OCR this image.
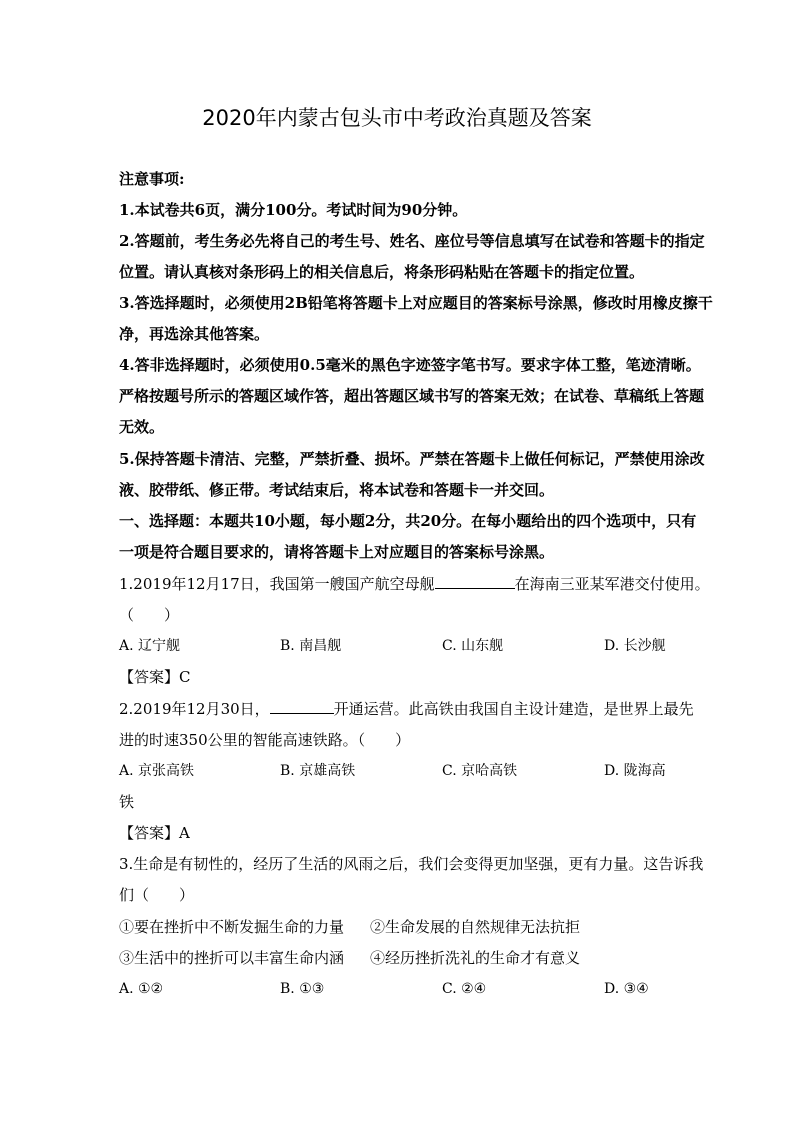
2020年内蒙古包头市中考政治真题及答案
注意事项:
1.本试卷共6页，满分100分。考试时间为90分钟。
2.答题前，考生务必先将自己的考生号、姓名、座位号等信息填写在试卷和答题卡的指定
位置。请认真核对条形码上的相关信息后，将条形码粘贴在答题卡的指定位置。
3.答选择题时，必须使用2B铅笔将答题卡上对应题目的答案标号涂黑，修改时用橡皮擦干
净，再选涂其他答案。
4.答非选择题时，必须使用0.5毫米的黑色字迹签字笔书写。要求字体工整，笔迹清晰。
严格按题号所示的答题区域作答，超出答题区域书写的答案无效；在试卷、草稿纸上答题
无效。
5.保持答题卡清洁、完整，严禁折叠、损坏。严禁在答题卡上做任何标记，严禁使用涂改
液、胶带纸、修正带。考试结束后，将本试卷和答题卡一并交回。
一、选择题：本题共10小题，每小题2分，共20分。在每小题给出的四个选项中，只有
一项是符合题目要求的，请将答题卡上对应题目的答案标号涂黑。
1.2019年12月17日，我国第一艘国产航空母舰	在海南三亚某军港交付使用。
（　　）
A. 辽宁舰	B. 南昌舰	C. 山东舰	D. 长沙舰
【答案】C
2.2019年12月30日，	开通运营。此高铁由我国自主设计建造，是世界上最先
进的时速350公里的智能高速铁路。（　　）
A. 京张高铁	B. 京雄高铁	C. 京哈高铁	D. 陇海高
铁
【答案】A
3.生命是有韧性的，经历了生活的风雨之后，我们会变得更加坚强，更有力量。这告诉我
们（　　）
①要在挫折中不断发掘生命的力量 ②生命发展的自然规律无法抗拒
③生活中的挫折可以丰富生命内涵 ④经历挫折洗礼的生命才有意义
A. ①②	B. ①③	C. ②④	D. ③④
